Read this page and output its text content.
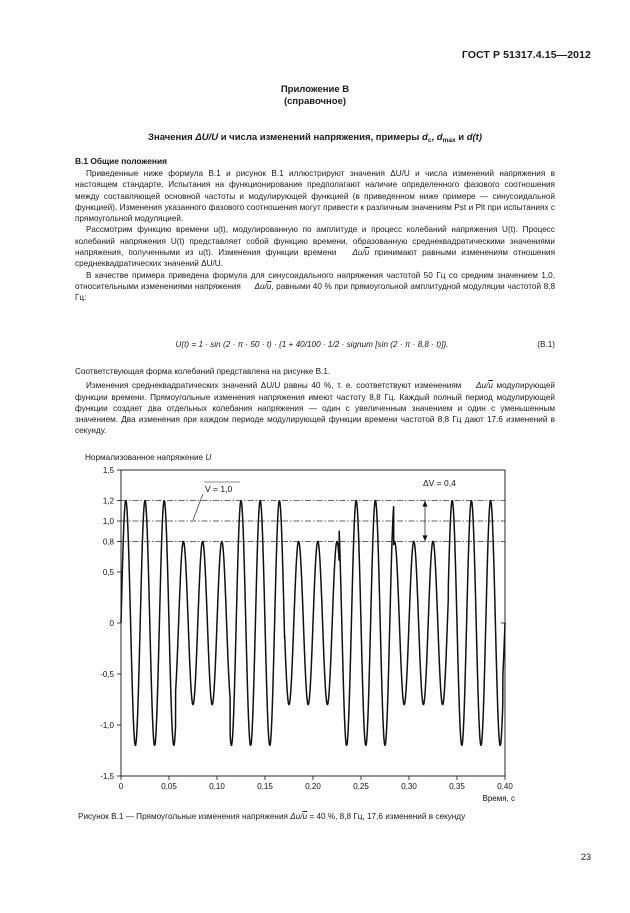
ГОСТ Р 51317.4.15—2012
Приложение В
(справочное)
Значения ΔU/U и числа изменений напряжения, примеры $d_c$, $d_{max}$ и d(t)
В.1 Общие положения

Приведенные ниже формула В.1 и рисунок В.1 иллюстрируют значения ΔU/U и числа изменений напряжения в настоящем стандарте. Испытания на функционирование предполагают наличие определенного фазового соотношения между составляющей основной частоты и модулирующей функцией (в приведенном ниже примере — синусоидальной функцией). Изменения указанного фазового соотношения могут привести к различным значениям Pst и Plt при испытаниях с прямоугольной модуляцией.

Рассмотрим функцию времени u(t), модулированную по амплитуде и процесс колебаний напряжения U(t). Процесс колебаний напряжения U(t) представляет собой функцию времени, образованную среднеквадратическими значениями напряжения, полученными из u(t). Изменения функции времени $\Delta u/\overline{u}$ принимают равными изменениям отношения среднеквадратических значений ΔU/U.

В качестве примера приведена формула для синусоидального напряжения частотой 50 Гц со средним значением 1,0, относительными изменениями напряжения $\Delta u/\overline{u}$, равными 40 % при прямоугольной амплитудной модуляции частотой 8,8 Гц:

U(t) = 1 · sin (2 · π · 50 · t) · {1 + 40/100 · 1/2 · signum [sin (2 · π · 8,8 · t)]}.	(В.1)

Соответствующая форма колебаний представлена на рисунке В.1.

Изменения среднеквадратических значений ΔU/U равны 40 %, т. е. соответствуют изменениям $\Delta u/\overline{u}$ модулирующей функции времени. Прямоугольные изменения напряжения имеют частоту 8,8 Гц. Каждый полный период модулирующей функции создает два отдельных колебания напряжения — один с увеличенным значением и один с уменьшенным значением. Два изменения при каждом периоде модулирующей функции времени частотой 8,8 Гц дают 17.6 изменений в секунду.

Нормализованное напряжение U
1,5
1,2
1,0
0,8
0,5
0
-0,5
-1,0
-1,5
0	0,05	0,10	0,15	0,20	0,25	0,30	0,35	0,40
Время, с
V = 1,0
ΔV = 0,4
Рисунок В.1 — Прямоугольные изменения напряжения $\Delta u/\overline{u} = 40$ %, 8,8 Гц, 17,6 изменений в секунду
23
